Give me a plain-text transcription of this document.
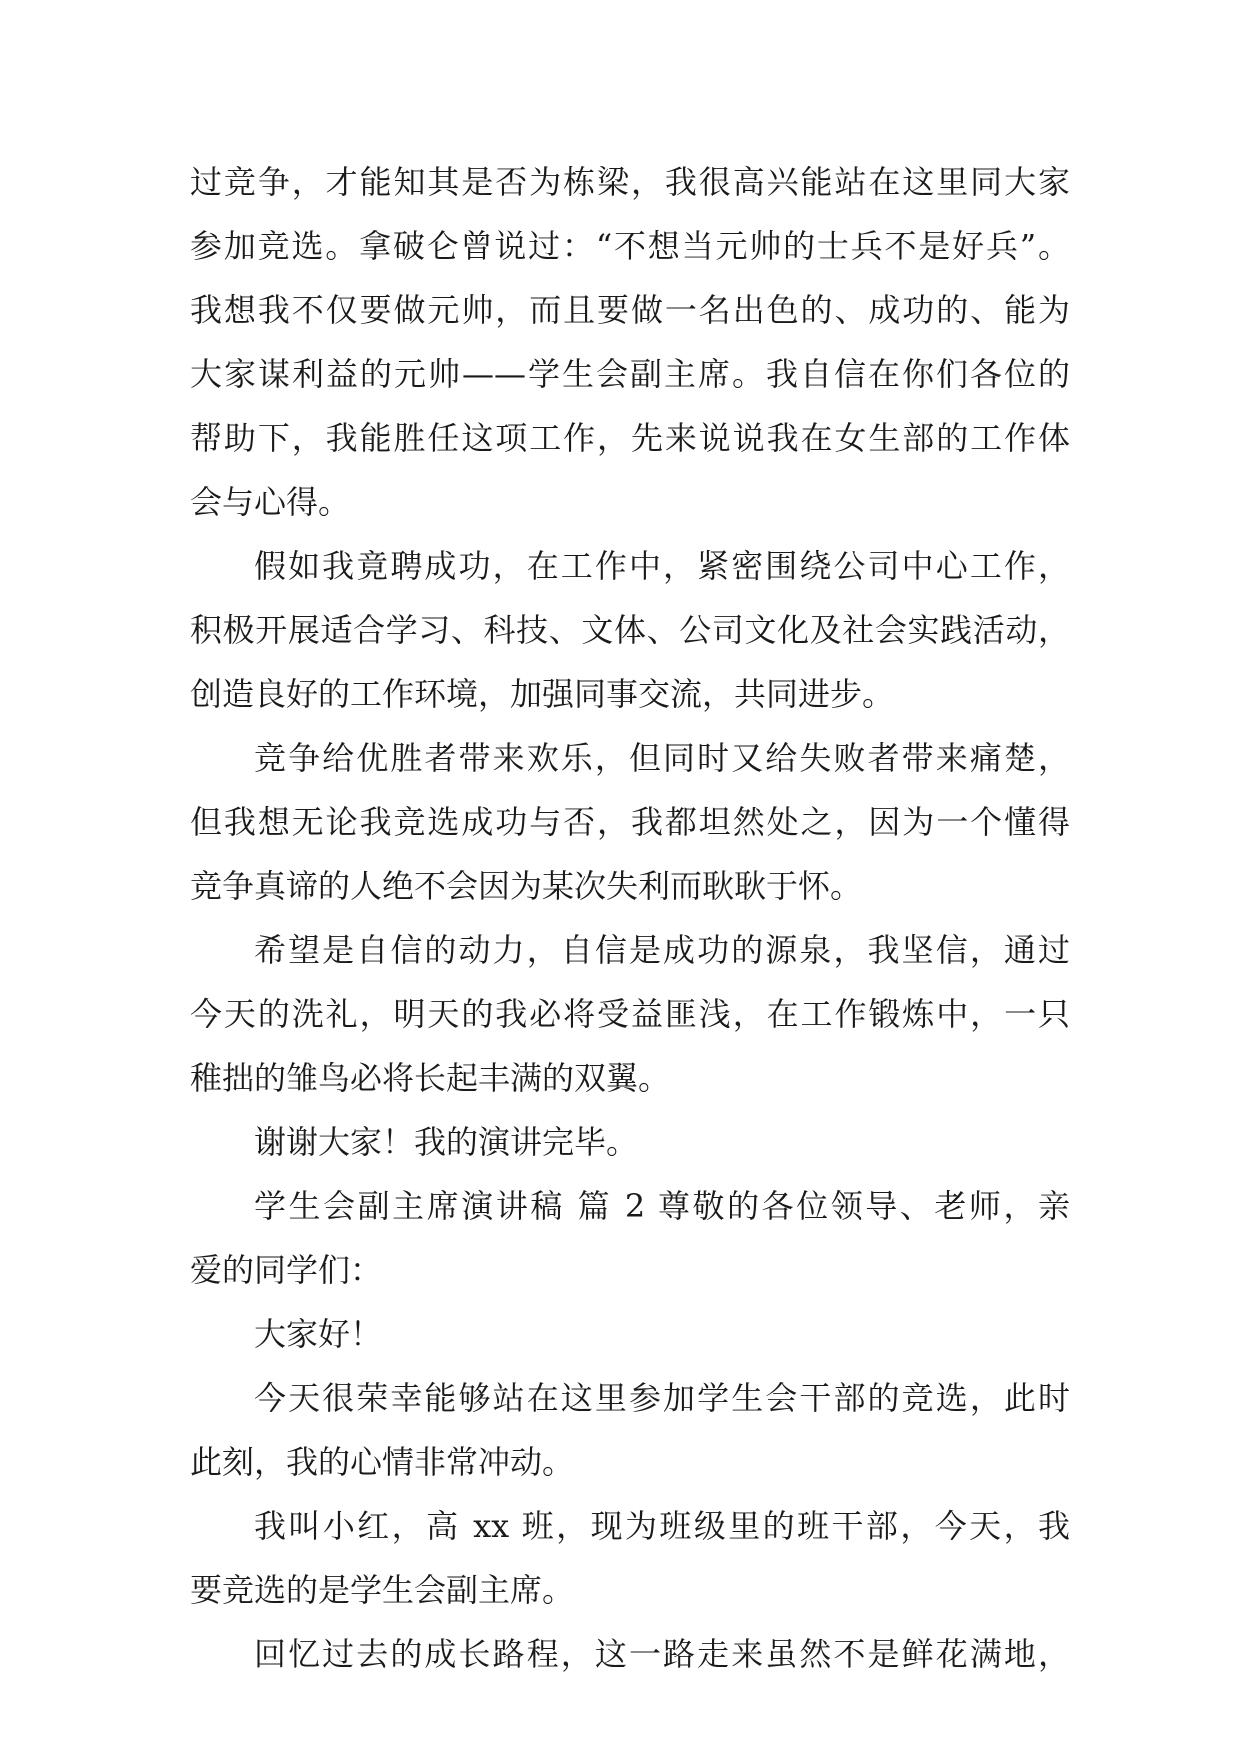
过竞争，才能知其是否为栋梁，我很高兴能站在这里同大家
参加竞选。拿破仑曾说过：“不想当元帅的士兵不是好兵”。
我想我不仅要做元帅，而且要做一名出色的、成功的、能为
大家谋利益的元帅——学生会副主席。我自信在你们各位的
帮助下，我能胜任这项工作，先来说说我在女生部的工作体
会与心得。
假如我竟聘成功，在工作中，紧密围绕公司中心工作，
积极开展适合学习、科技、文体、公司文化及社会实践活动，
创造良好的工作环境，加强同事交流，共同进步。
竞争给优胜者带来欢乐，但同时又给失败者带来痛楚，
但我想无论我竞选成功与否，我都坦然处之，因为一个懂得
竞争真谛的人绝不会因为某次失利而耿耿于怀。
希望是自信的动力，自信是成功的源泉，我坚信，通过
今天的洗礼，明天的我必将受益匪浅，在工作锻炼中，一只
稚拙的雏鸟必将长起丰满的双翼。
谢谢大家！我的演讲完毕。
学生会副主席演讲稿 篇 2 尊敬的各位领导、老师，亲
爱的同学们：
大家好！
今天很荣幸能够站在这里参加学生会干部的竞选，此时
此刻，我的心情非常冲动。
我叫小红，高 xx 班，现为班级里的班干部，今天，我
要竞选的是学生会副主席。
回忆过去的成长路程，这一路走来虽然不是鲜花满地，
